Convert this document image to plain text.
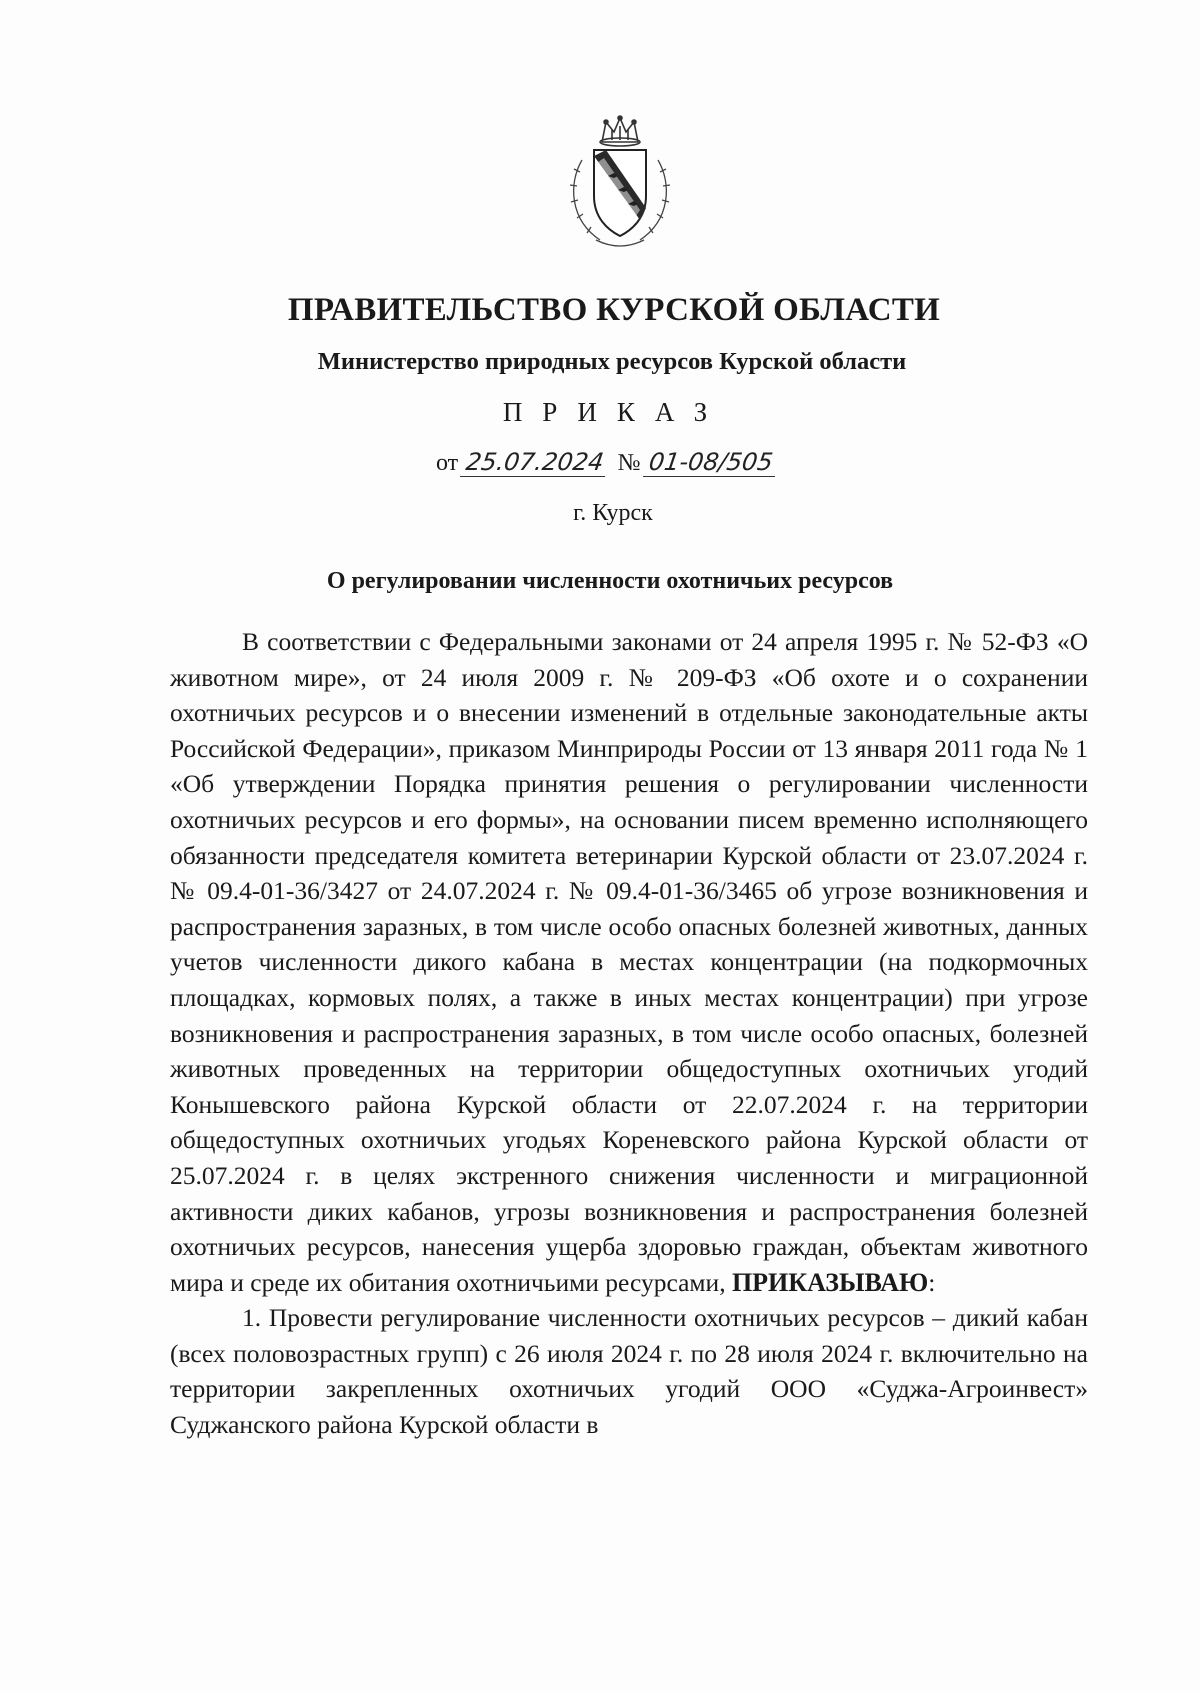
ПРАВИТЕЛЬСТВО КУРСКОЙ ОБЛАСТИ
Министерство природных ресурсов Курской области
ПРИКАЗ
от 25.07.2024 № 01-08/505
г. Курск
О регулировании численности охотничьих ресурсов

В соответствии с Федеральными законами от 24 апреля 1995 г. № 52-ФЗ «О животном мире», от 24 июля 2009 г. № 209-ФЗ «Об охоте и о сохранении охотничьих ресурсов и о внесении изменений в отдельные законодательные акты Российской Федерации», приказом Минприроды России от 13 января 2011 года № 1 «Об утверждении Порядка принятия решения о регулировании численности охотничьих ресурсов и его формы», на основании писем временно исполняющего обязанности председателя комитета ветеринарии Курской области от 23.07.2024 г. № 09.4-01-36/3427 от 24.07.2024 г. № 09.4-01-36/3465 об угрозе возникновения и распространения заразных, в том числе особо опасных болезней животных, данных учетов численности дикого кабана в местах концентрации (на подкормочных площадках, кормовых полях, а также в иных местах концентрации) при угрозе возникновения и распространения заразных, в том числе особо опасных, болезней животных проведенных на территории общедоступных охотничьих угодий Конышевского района Курской области от 22.07.2024 г. на территории общедоступных охотничьих угодьях Кореневского района Курской области от 25.07.2024 г. в целях экстренного снижения численности и миграционной активности диких кабанов, угрозы возникновения и распространения болезней охотничьих ресурсов, нанесения ущерба здоровью граждан, объектам животного мира и среде их обитания охотничьими ресурсами, ПРИКАЗЫВАЮ:

1. Провести регулирование численности охотничьих ресурсов – дикий кабан (всех половозрастных групп) с 26 июля 2024 г. по 28 июля 2024 г. включительно на территории закрепленных охотничьих угодий ООО «Суджа-Агроинвест» Суджанского района Курской области в
